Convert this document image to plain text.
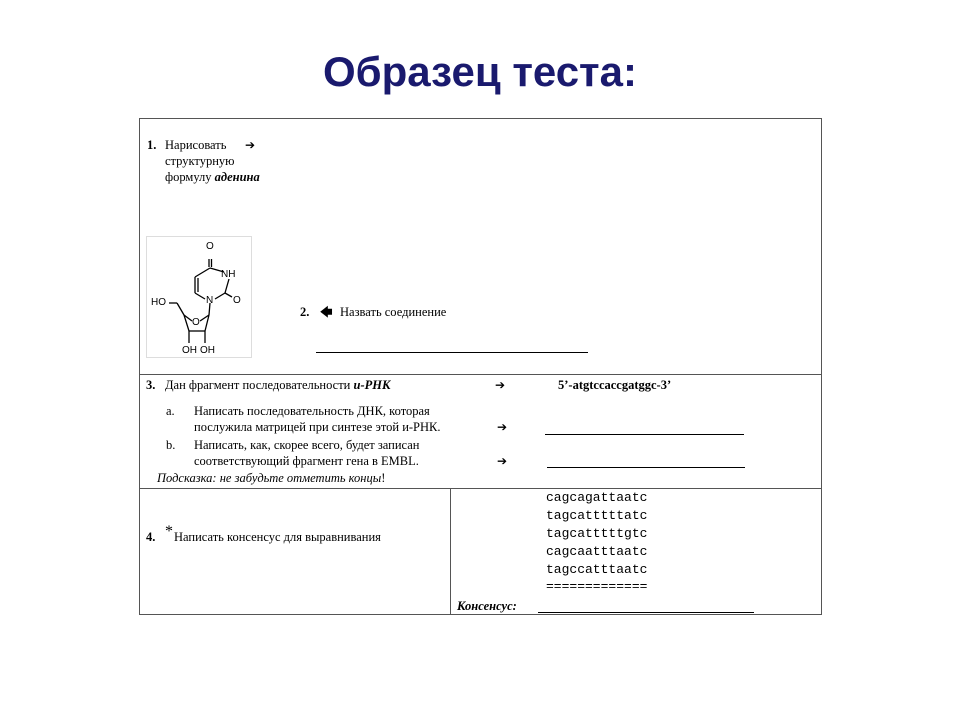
Образец теста:
1. Нарисовать ➔
структурную
формулу аденина
O
NH
N O
HO
O
OH OH
2. 🡄 Назвать соединение
3. Дан фрагмент последовательности и-РНК	➔	5’-atgtccaccgatggc-3’
a. Написать последовательность ДНК, которая
послужила матрицей при синтезе этой и-РНК.	➔
b. Написать, как, скорее всего, будет записан
соответствующий фрагмент гена в EMBL.	➔
Подсказка: не забудьте отметить концы!
4. * Написать консенсус для выравнивания
cagcagattaatc
tagcatttttatc
tagcatttttgtc
cagcaatttaatc
tagccatttaatc
=============
Консенсус:
